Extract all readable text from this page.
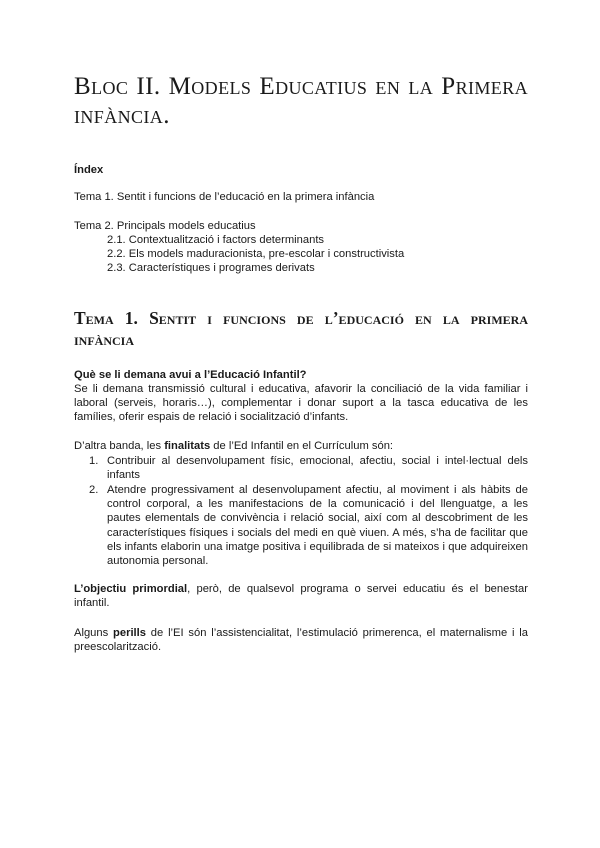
Bloc II. Models Educatius en la Primera infància.
Índex
Tema 1. Sentit i funcions de l’educació en la primera infància
Tema 2. Principals models educatius
2.1. Contextualització i factors determinants
2.2. Els models maduracionista, pre-escolar i constructivista
2.3. Característiques i programes derivats
Tema 1. Sentit i funcions de l’educació en la primera infància
Què se li demana avui a l’Educació Infantil?

Se li demana transmissió cultural i educativa, afavorir la conciliació de la vida familiar i laboral (serveis, horaris…), complementar i donar suport a la tasca educativa de les famílies, oferir espais de relació i socialització d’infants.

D’altra banda, les finalitats de l’Ed Infantil en el Currículum són:

1. Contribuir al desenvolupament físic, emocional, afectiu, social i intel·lectual dels infants
2. Atendre progressivament al desenvolupament afectiu, al moviment i als hàbits de control corporal, a les manifestacions de la comunicació i del llenguatge, a les pautes elementals de convivència i relació social, així com al descobriment de les característiques físiques i socials del medi en què viuen. A més, s’ha de facilitar que els infants elaborin una imatge positiva i equilibrada de si mateixos i que adquireixen autonomia personal.

L’objectiu primordial, però, de qualsevol programa o servei educatiu és el benestar infantil.

Alguns perills de l’EI són l’assistencialitat, l’estimulació primerenca, el maternalisme i la preescolarització.
